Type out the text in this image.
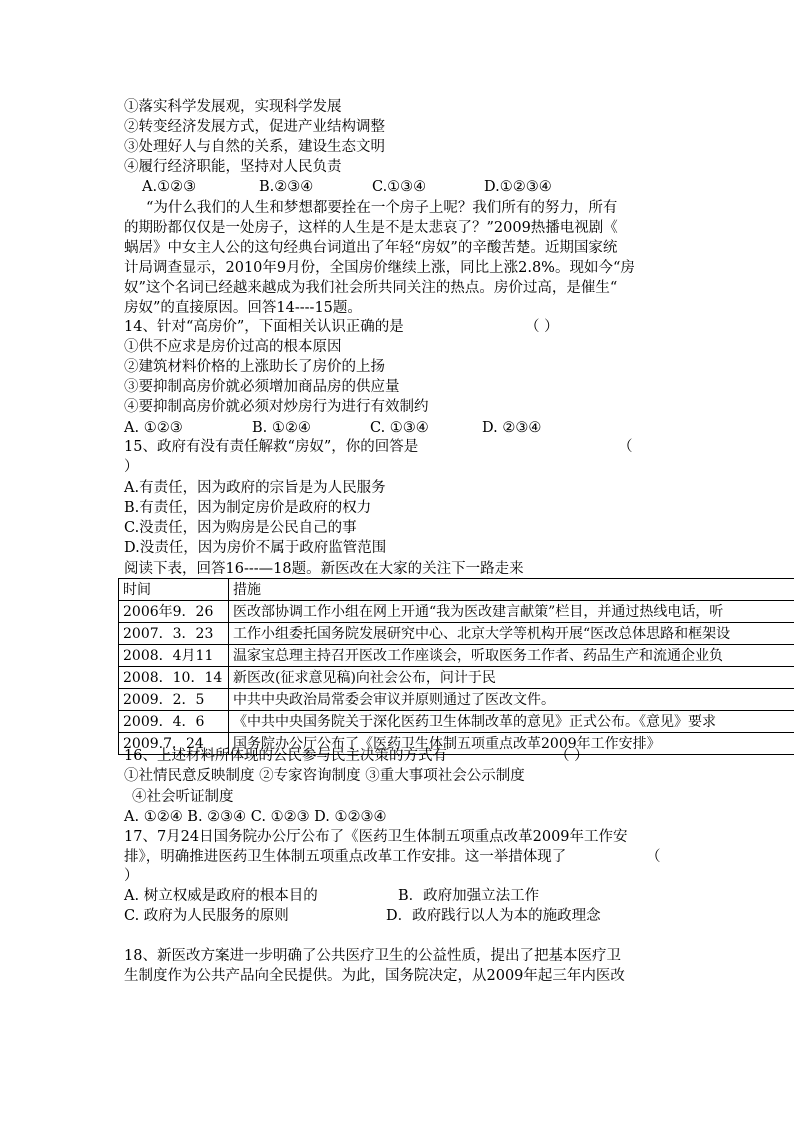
①落实科学发展观，实现科学发展
②转变经济发展方式，促进产业结构调整
③处理好人与自然的关系，建设生态文明
④履行经济职能，坚持对人民负责
A.①②③	B.②③④	C.①③④	D.①②③④
“为什么我们的人生和梦想都要拴在一个房子上呢？我们所有的努力，所有
的期盼都仅仅是一处房子，这样的人生是不是太悲哀了？”2009热播电视剧《
蜗居》中女主人公的这句经典台词道出了年轻“房奴”的辛酸苦楚。近期国家统
计局调查显示，2010年9月份，全国房价继续上涨，同比上涨2.8%。现如今“房
奴”这个名词已经越来越成为我们社会所共同关注的热点。房价过高，是催生“
房奴”的直接原因。回答14----15题。
14、针对“高房价”，下面相关认识正确的是	（ ）
①供不应求是房价过高的根本原因
②建筑材料价格的上涨助长了房价的上扬
③要抑制高房价就必须增加商品房的供应量
④要抑制高房价就必须对炒房行为进行有效制约
A. ①②③	B. ①②④	C. ①③④	D. ②③④
15、政府有没有责任解救“房奴”，你的回答是	（
）
A.有责任，因为政府的宗旨是为人民服务
B.有责任，因为制定房价是政府的权力
C.没责任，因为购房是公民自己的事
D.没责任，因为房价不属于政府监管范围
阅读下表，回答16---—18题。新医改在大家的关注下一路走来
时间	措施
2006年9．26	医改部协调工作小组在网上开通“我为医改建言献策”栏目，并通过热线电话，听
2007．3．23	工作小组委托国务院发展研究中心、北京大学等机构开展“医改总体思路和框架设
2008．4月11	温家宝总理主持召开医改工作座谈会，听取医务工作者、药品生产和流通企业负
2008．10．14	新医改(征求意见稿)向社会公布，问计于民
2009．2．5	中共中央政治局常委会审议并原则通过了医改文件。
2009．4．6	《中共中央国务院关于深化医药卫生体制改革的意见》正式公布。《意见》要求
2009.7．24	国务院办公厅公布了《医药卫生体制五项重点改革2009年工作安排》
16、上述材料所体现的公民参与民主决策的方式有	（ ）
①社情民意反映制度 ②专家咨询制度 ③重大事项社会公示制度
④社会听证制度
A. ①②④ B. ②③④ C. ①②③ D. ①②③④
17、7月24日国务院办公厅公布了《医药卫生体制五项重点改革2009年工作安
排》，明确推进医药卫生体制五项重点改革工作安排。这一举措体现了	（
）
A. 树立权威是政府的根本目的	B．政府加强立法工作
C. 政府为人民服务的原则	D．政府践行以人为本的施政理念
18、新医改方案进一步明确了公共医疗卫生的公益性质，提出了把基本医疗卫
生制度作为公共产品向全民提供。为此，国务院决定，从2009年起三年内医改
